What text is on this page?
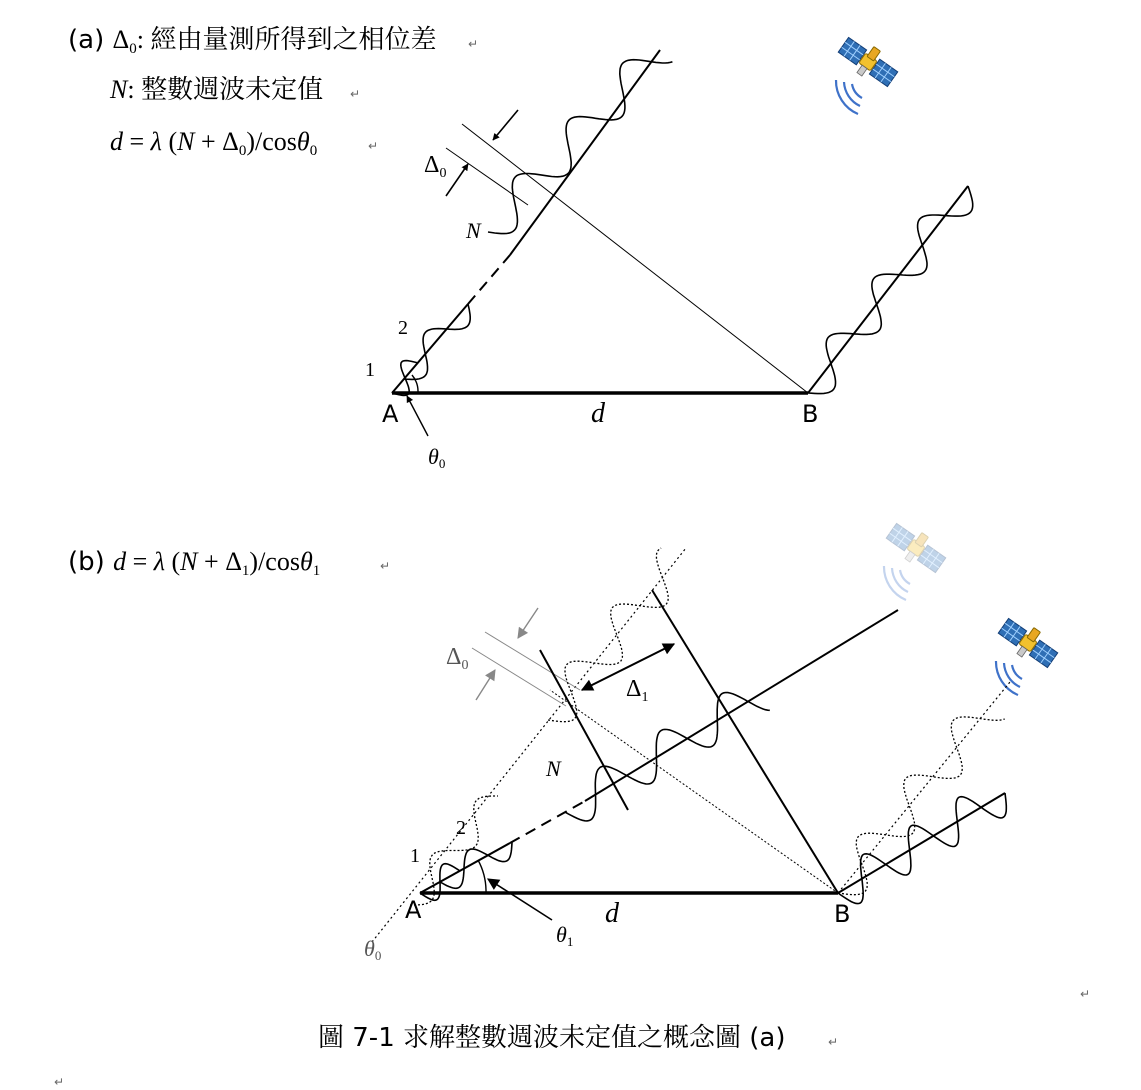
(a) Δ0: 經由量測所得到之相位差	↵
N: 整數週波未定值 ↵
d = λ (N + Δ0)/cosθ0	↵
$\Delta_0$
N
2
1
A	d	B
θ0
(b) d = λ (N + Δ1)/cosθ1	↵
$\Delta_0$
$\Delta_1$
N
2
1
A	d	B
θ1
θ0
圖 7-1 求解整數週波未定值之概念圖 (a)	↵
↵
↵
